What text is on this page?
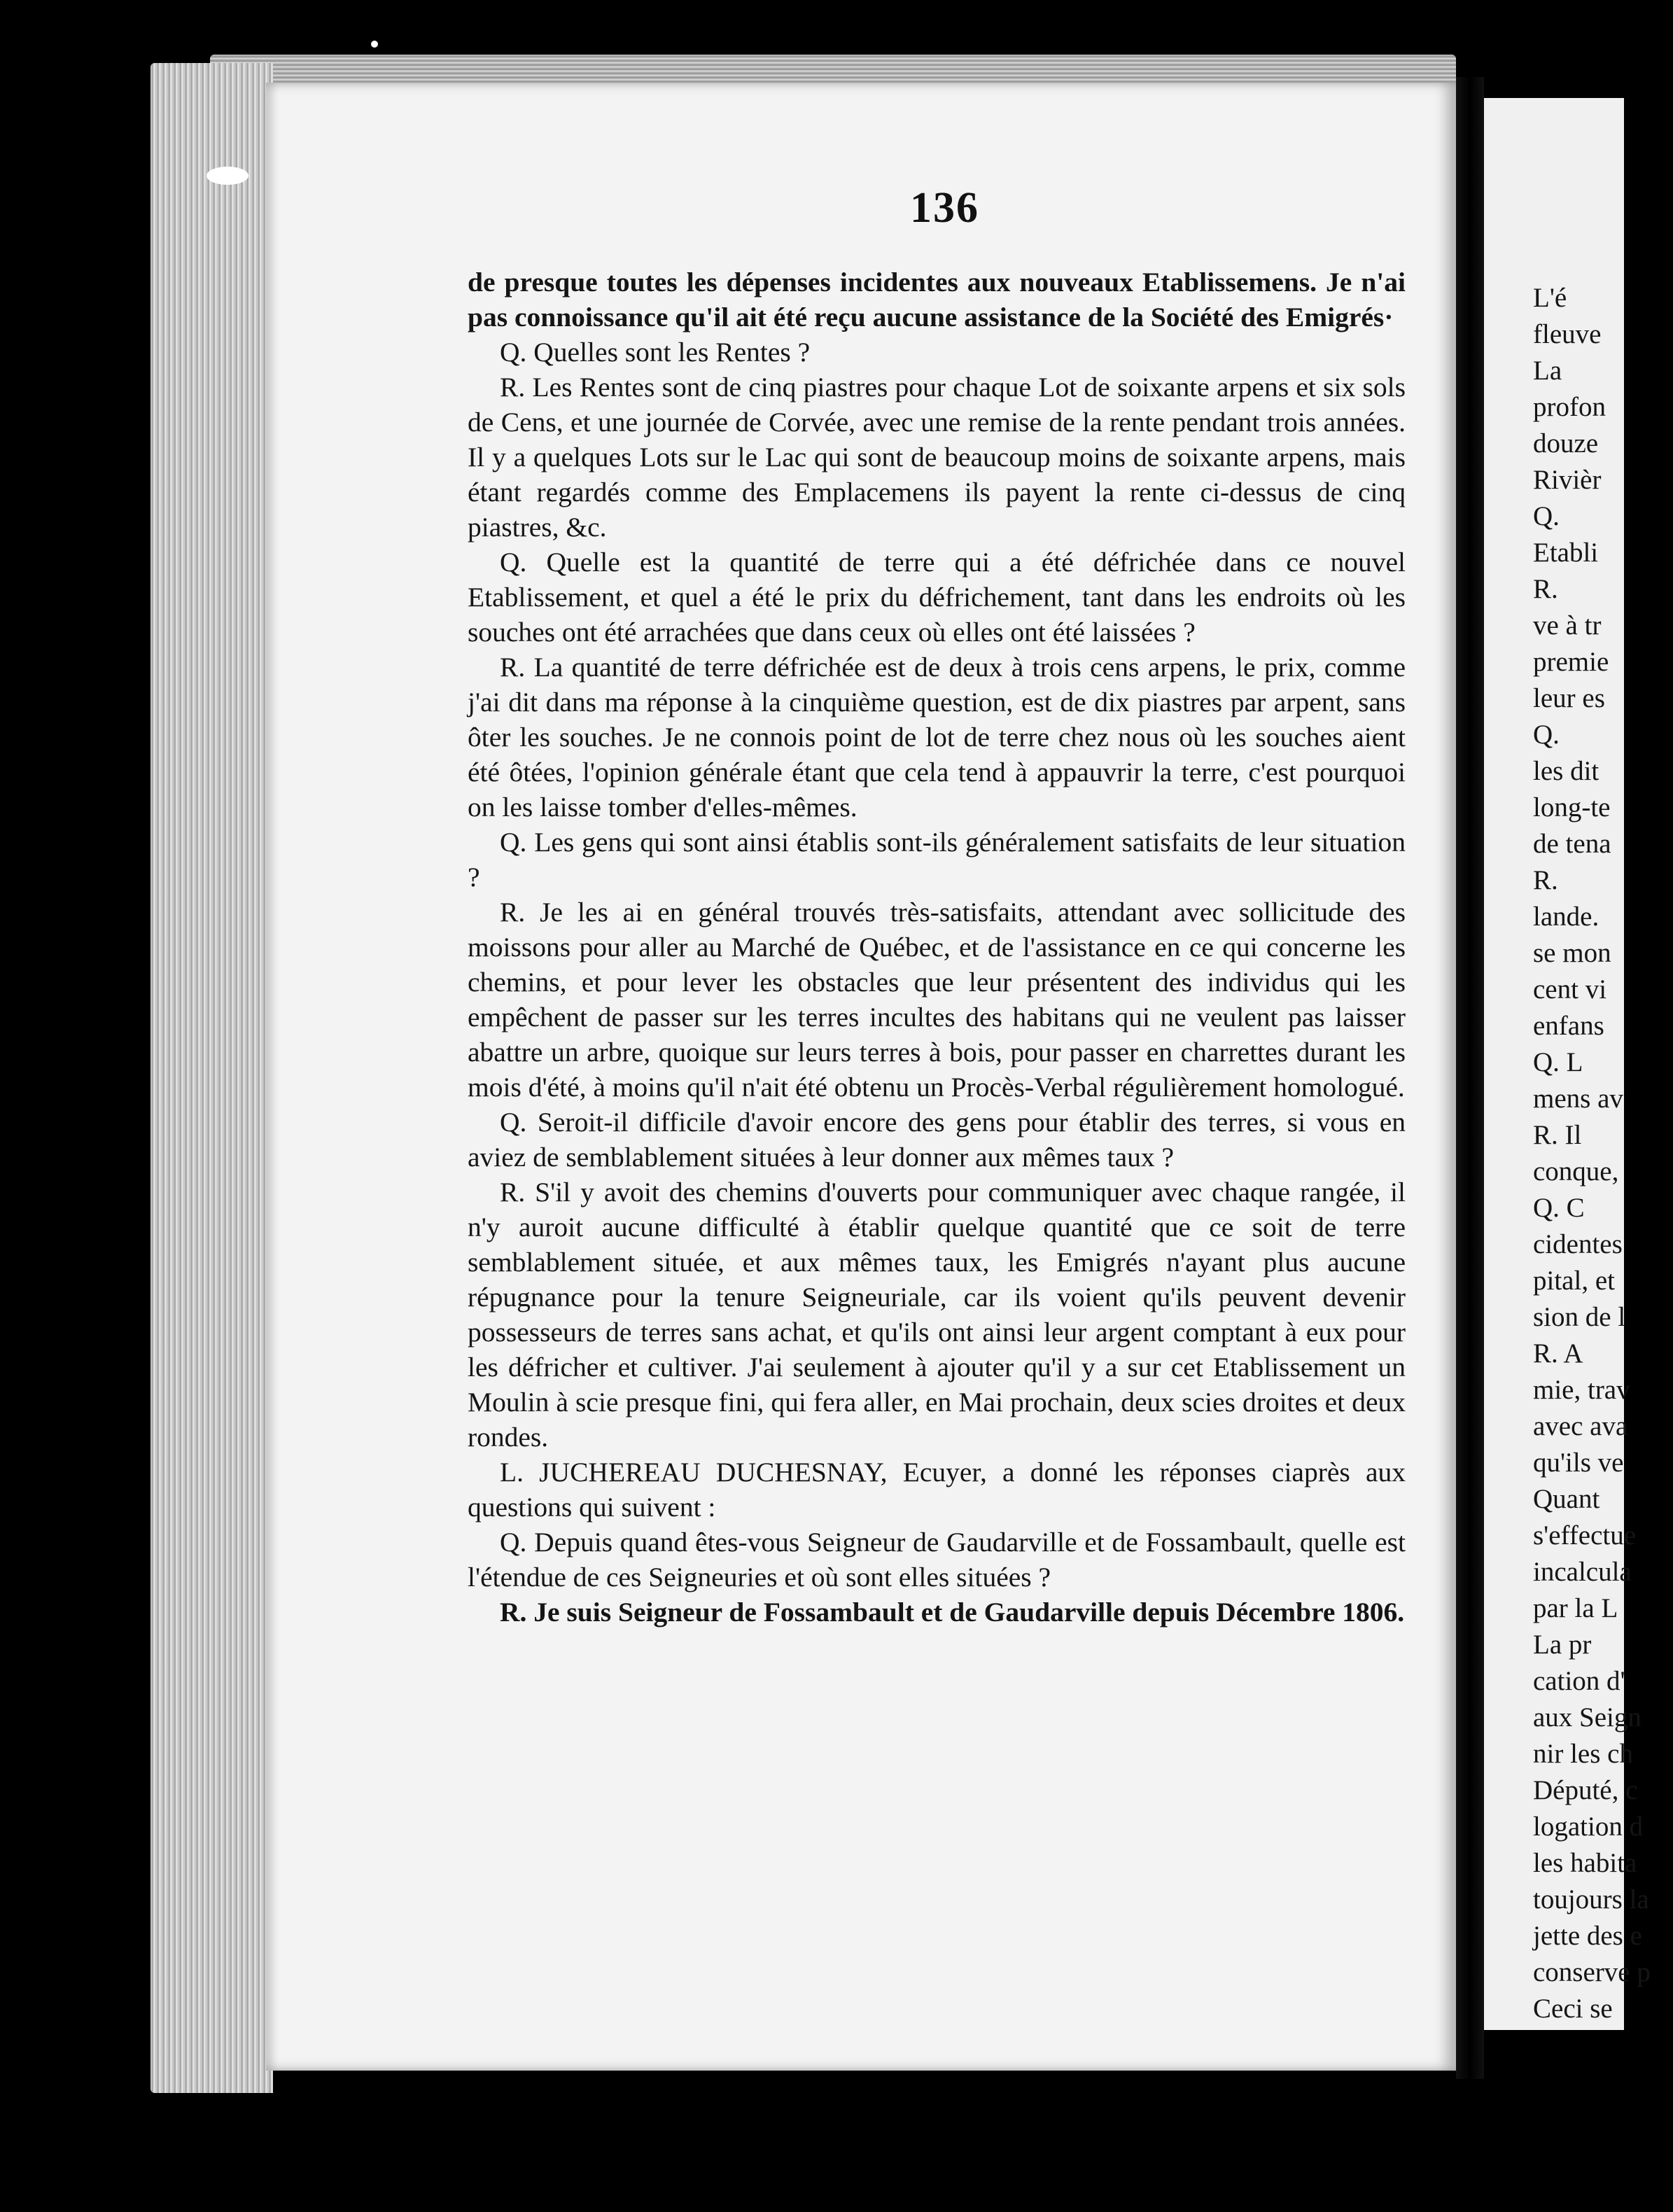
136

de presque toutes les dépenses incidentes aux nouveaux Etablissemens. Je n'ai pas connoissance qu'il ait été reçu aucune assistance de la Société des Emigrés·

Q. Quelles sont les Rentes ?

R. Les Rentes sont de cinq piastres pour chaque Lot de soixante arpens et six sols de Cens, et une journée de Corvée, avec une remise de la rente pendant trois années. Il y a quelques Lots sur le Lac qui sont de beaucoup moins de soixante arpens, mais étant regardés comme des Emplacemens ils payent la rente ci-dessus de cinq piastres, &c.

Q. Quelle est la quantité de terre qui a été défrichée dans ce nouvel Etablissement, et quel a été le prix du défrichement, tant dans les endroits où les souches ont été arrachées que dans ceux où elles ont été laissées ?

R. La quantité de terre défrichée est de deux à trois cens arpens, le prix, comme j'ai dit dans ma réponse à la cinquième question, est de dix piastres par arpent, sans ôter les souches. Je ne connois point de lot de terre chez nous où les souches aient été ôtées, l'opinion générale étant que cela tend à appauvrir la terre, c'est pourquoi on les laisse tomber d'elles-mêmes.

Q. Les gens qui sont ainsi établis sont-ils généralement satisfaits de leur situation ?

R. Je les ai en général trouvés très-satisfaits, attendant avec sollicitude des moissons pour aller au Marché de Québec, et de l'assistance en ce qui concerne les chemins, et pour lever les obstacles que leur présentent des individus qui les empêchent de passer sur les terres incultes des habitans qui ne veulent pas laisser abattre un arbre, quoique sur leurs terres à bois, pour passer en charrettes durant les mois d'été, à moins qu'il n'ait été obtenu un Procès-Verbal régulièrement homologué.

Q. Seroit-il difficile d'avoir encore des gens pour établir des terres, si vous en aviez de semblablement situées à leur donner aux mêmes taux ?

R. S'il y avoit des chemins d'ouverts pour communiquer avec chaque rangée, il n'y auroit aucune difficulté à établir quelque quantité que ce soit de terre semblablement située, et aux mêmes taux, les Emigrés n'ayant plus aucune répugnance pour la tenure Seigneuriale, car ils voient qu'ils peuvent devenir possesseurs de terres sans achat, et qu'ils ont ainsi leur argent comptant à eux pour les défricher et cultiver. J'ai seulement à ajouter qu'il y a sur cet Etablissement un Moulin à scie presque fini, qui fera aller, en Mai prochain, deux scies droites et deux rondes.

L. JUCHEREAU DUCHESNAY, Ecuyer, a donné les réponses ciaprès aux questions qui suivent :

Q. Depuis quand êtes-vous Seigneur de Gaudarville et de Fossambault, quelle est l'étendue de ces Seigneuries et où sont elles situées ?

R. Je suis Seigneur de Fossambault et de Gaudarville depuis Décembre 1806.

L'é
fleuve
La
profon
douze
Rivièr
Q.
Etabli
R.
ve à tr
premie
leur es
Q.
les dit
long-te
de tena
R.
lande.
se mon
cent vi
enfans
Q. L
mens av
R. Il
conque,
Q. C
cidentes
pital, et
sion de l
R. A
mie, trav
avec ava
qu'ils ve
Quant
s'effectue
incalcula
par la L
La pr
cation d'
aux Seign
nir les ch
Député, c
logation d
les habita
toujours la
jette des e
conserve p
Ceci se
